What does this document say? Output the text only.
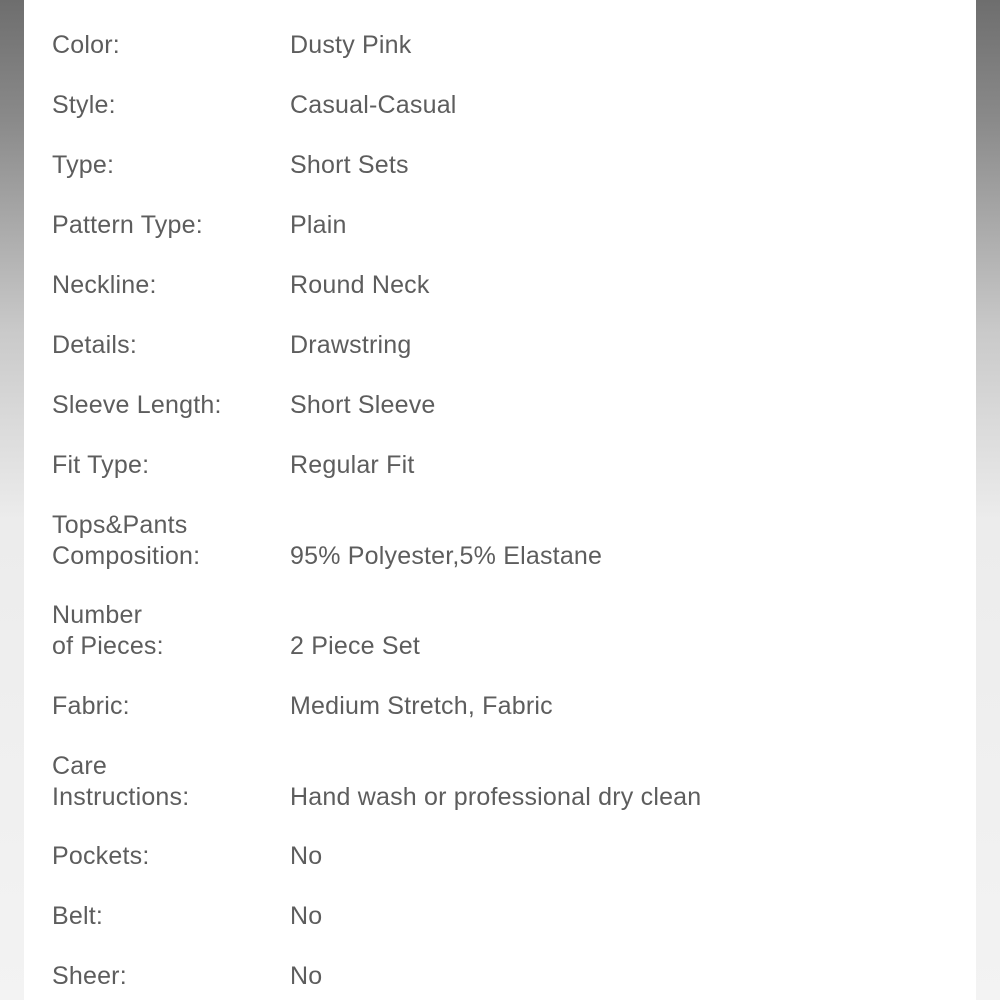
Color:	Dusty Pink
Style:	Casual-Casual
Type:	Short Sets
Pattern Type:	Plain
Neckline:	Round Neck
Details:	Drawstring
Sleeve Length:	Short Sleeve
Fit Type:	Regular Fit
Tops&Pants
Composition:	95% Polyester,5% Elastane
Number
of Pieces:	2 Piece Set
Fabric:	Medium Stretch, Fabric
Care
Instructions:	Hand wash or professional dry clean
Pockets:	No
Belt:	No
Sheer:	No
